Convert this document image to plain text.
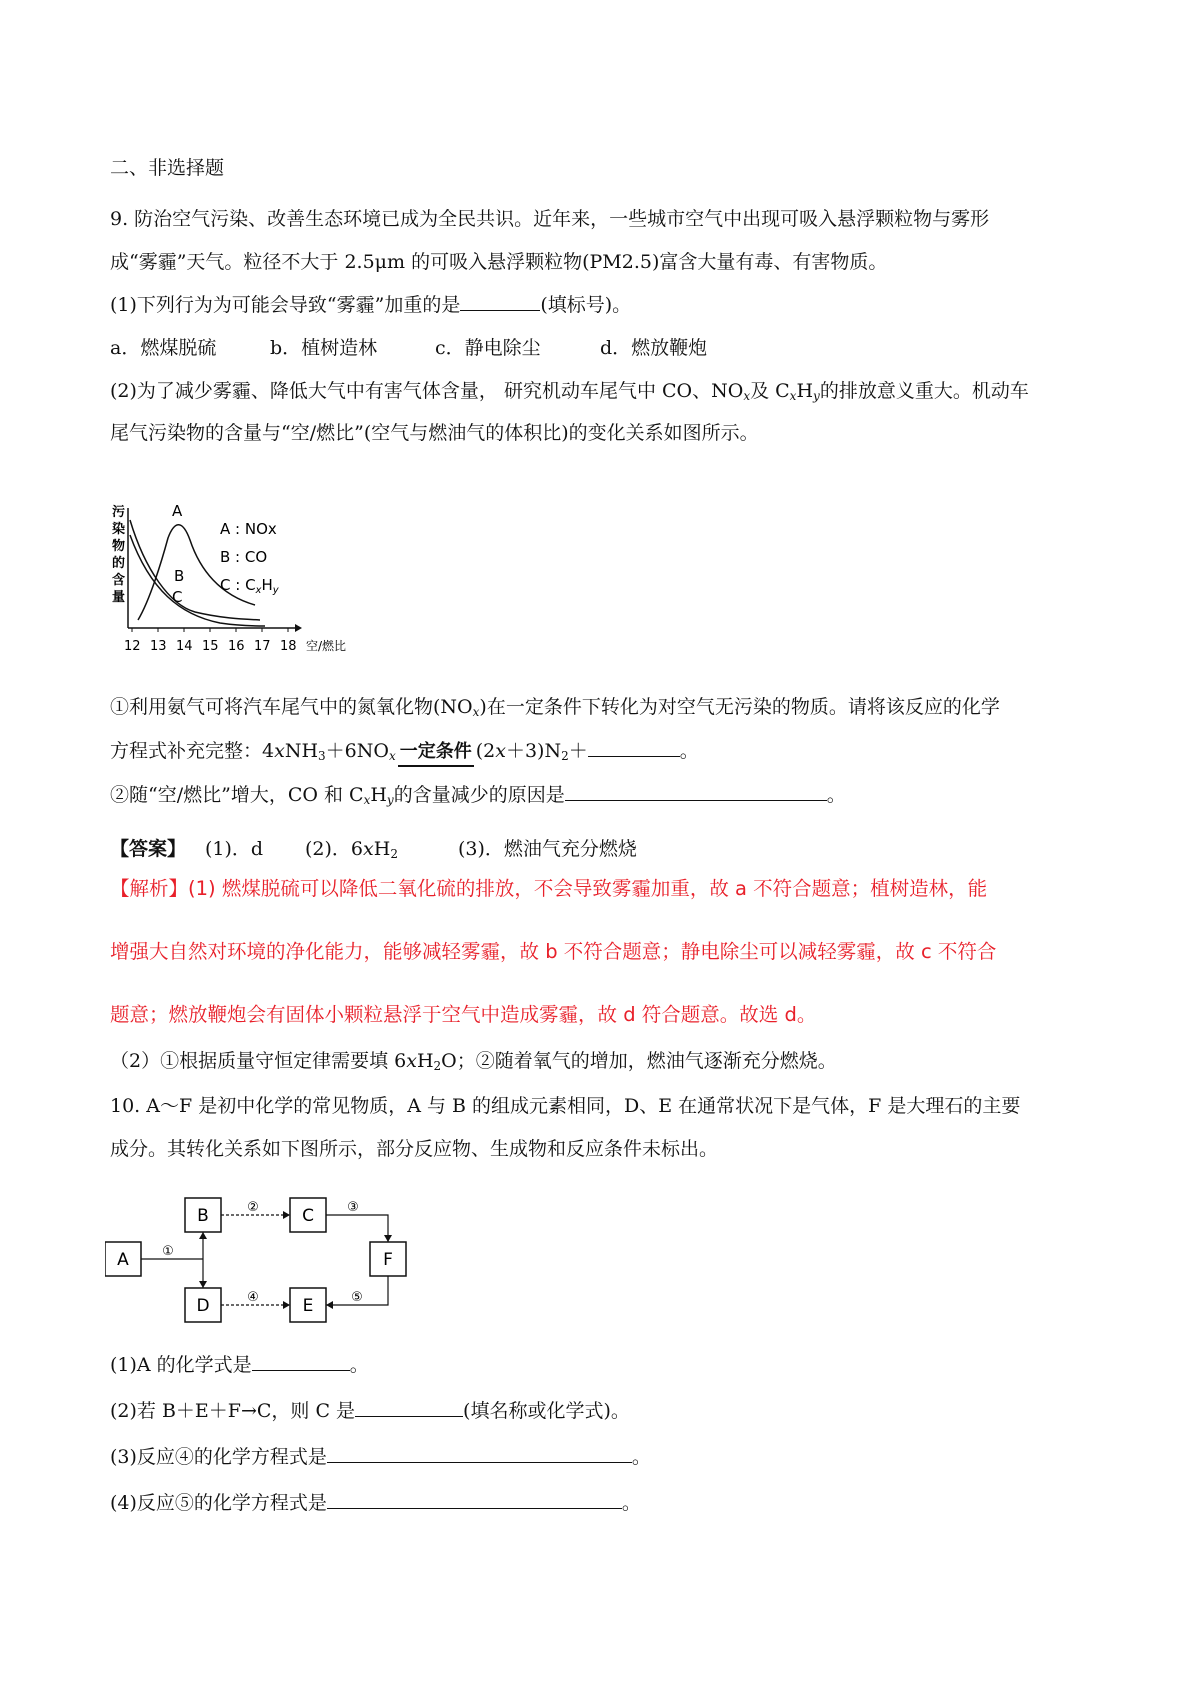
二、非选择题
9. 防治空气污染、改善生态环境已成为全民共识。近年来，一些城市空气中出现可吸入悬浮颗粒物与雾形
成“雾霾”天气。粒径不大于 2.5μm 的可吸入悬浮颗粒物(PM2.5)富含大量有毒、有害物质。
(1)下列行为为可能会导致“雾霾”加重的是	(填标号)。
a．燃煤脱硫	b．植树造林	c．静电除尘	d．燃放鞭炮
(2)为了减少雾霾、降低大气中有害气体含量， 研究机动车尾气中 CO、$NO_x$及 $C_xH_y$的排放意义重大。机动车
尾气污染物的含量与“空/燃比”(空气与燃油气的体积比)的变化关系如图所示。
污
染
物
的
含
量
12 13 14 15 16 17 18 空/燃比
A
B
C
A : NOx
B : CO
C : $C_xH_y$
①利用氨气可将汽车尾气中的氮氧化物$(NO_x)$在一定条件下转化为对空气无污染的物质。请将该反应的化学
方程式补充完整：$4xNH_3+6NO_x$ 一定条件 $(2x+3)N_2+$	。
②随“空/燃比”增大，CO 和 $C_xH_y$的含量减少的原因是	。
【答案】 (1)．d (2)．$6xH_2$	(3)．燃油气充分燃烧
【解析】(1) 燃煤脱硫可以降低二氧化硫的排放，不会导致雾霾加重，故 a 不符合题意；植树造林，能
增强大自然对环境的净化能力，能够减轻雾霾，故 b 不符合题意；静电除尘可以减轻雾霾，故 c 不符合
题意；燃放鞭炮会有固体小颗粒悬浮于空气中造成雾霾，故 d 符合题意。故选 d。
（2）①根据质量守恒定律需要填 $6xH_2O$；②随着氧气的增加，燃油气逐渐充分燃烧。
10. A～F 是初中化学的常见物质，A 与 B 的组成元素相同，D、E 在通常状况下是气体，F 是大理石的主要
成分。其转化关系如下图所示，部分反应物、生成物和反应条件未标出。
A
B	C
D	E
F
①
②	③
④	⑤
(1)A 的化学式是	。
(2)若 B＋E＋F→C，则 C 是	(填名称或化学式)。
(3)反应④的化学方程式是	。
(4)反应⑤的化学方程式是	。
